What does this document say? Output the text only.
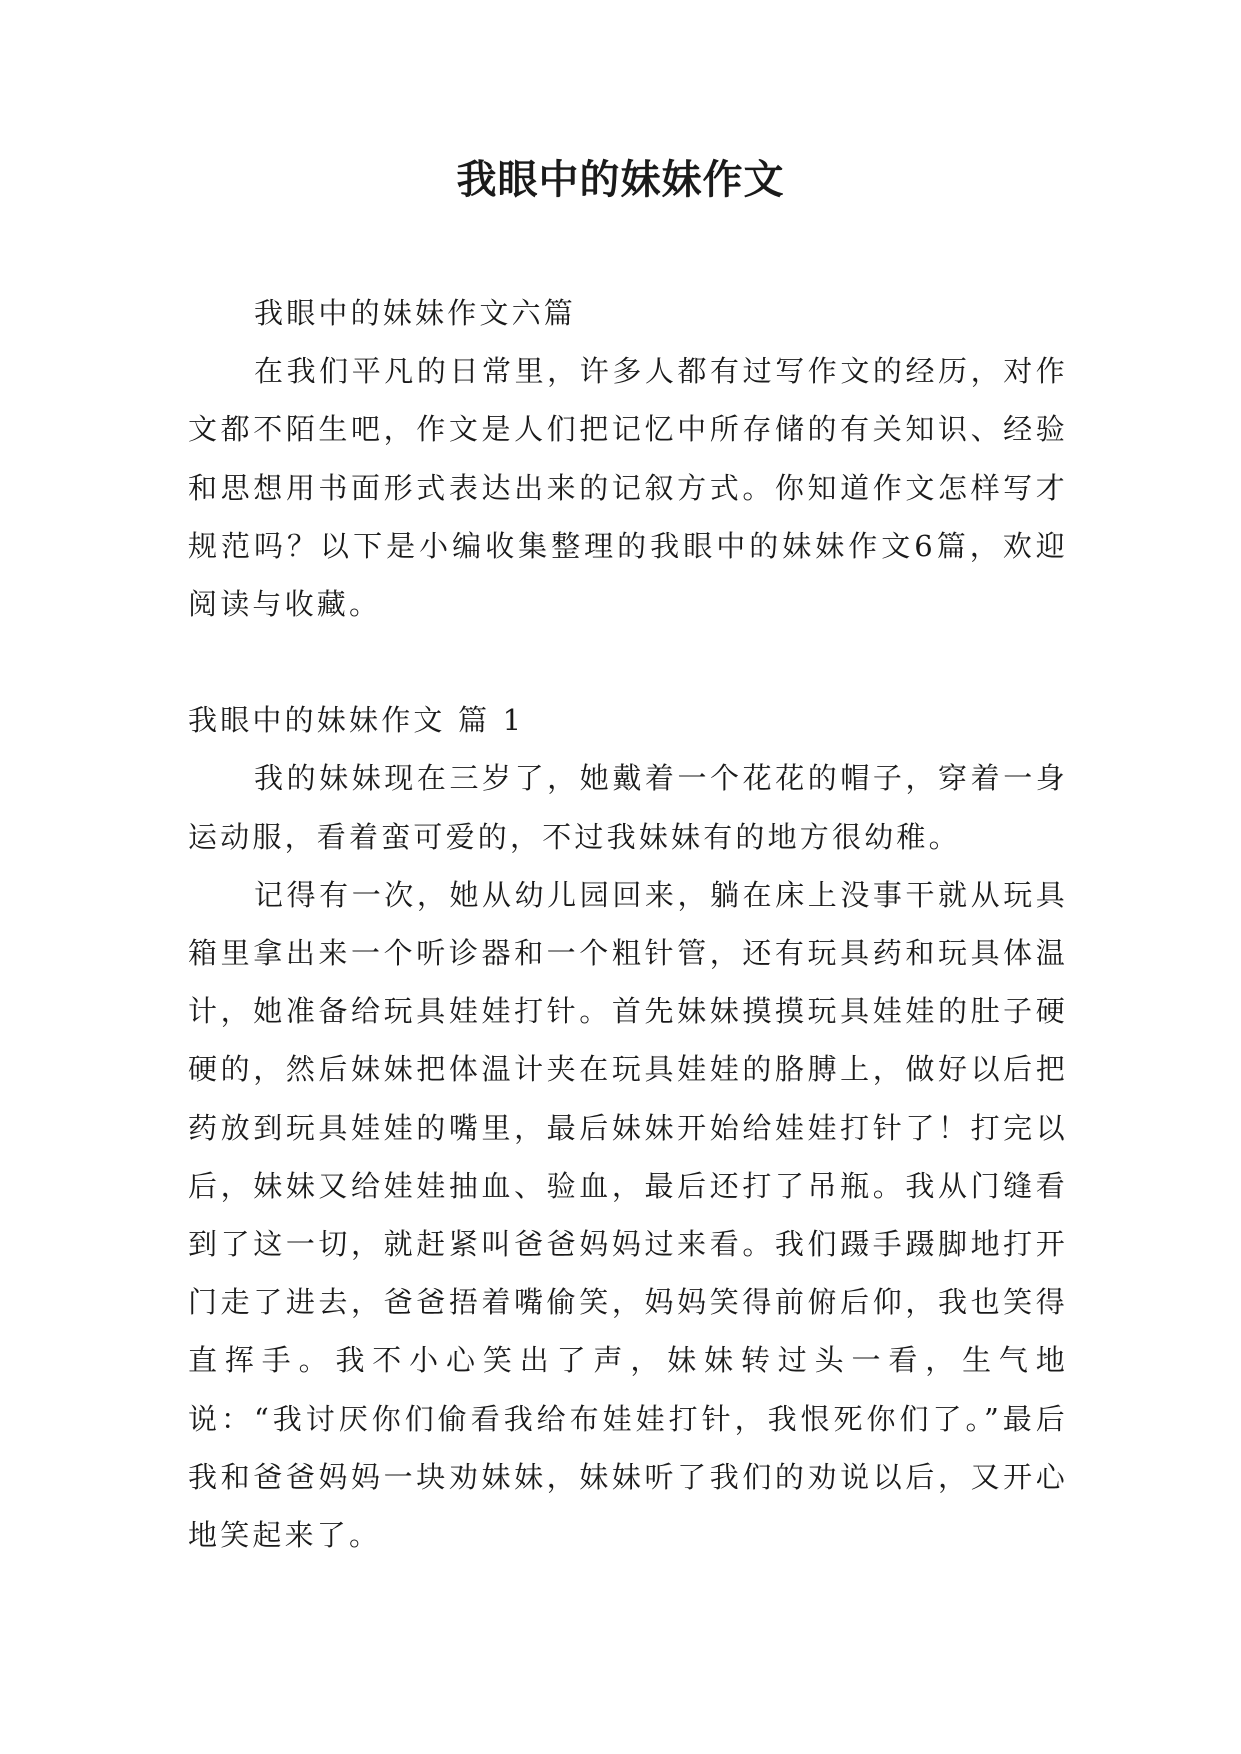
我眼中的妹妹作文

我眼中的妹妹作文六篇

在我们平凡的日常里，许多人都有过写作文的经历，对作文都不陌生吧，作文是人们把记忆中所存储的有关知识、经验和思想用书面形式表达出来的记叙方式。你知道作文怎样写才规范吗？以下是小编收集整理的我眼中的妹妹作文6篇，欢迎阅读与收藏。

我眼中的妹妹作文 篇 1

我的妹妹现在三岁了，她戴着一个花花的帽子，穿着一身运动服，看着蛮可爱的，不过我妹妹有的地方很幼稚。

记得有一次，她从幼儿园回来，躺在床上没事干就从玩具箱里拿出来一个听诊器和一个粗针管，还有玩具药和玩具体温计，她准备给玩具娃娃打针。首先妹妹摸摸玩具娃娃的肚子硬硬的，然后妹妹把体温计夹在玩具娃娃的胳膊上，做好以后把药放到玩具娃娃的嘴里，最后妹妹开始给娃娃打针了！打完以后，妹妹又给娃娃抽血、验血，最后还打了吊瓶。我从门缝看到了这一切，就赶紧叫爸爸妈妈过来看。我们蹑手蹑脚地打开门走了进去，爸爸捂着嘴偷笑，妈妈笑得前俯后仰，我也笑得直挥手。我不小心笑出了声，妹妹转过头一看，生气地说：“我讨厌你们偷看我给布娃娃打针，我恨死你们了。”最后我和爸爸妈妈一块劝妹妹，妹妹听了我们的劝说以后，又开心地笑起来了。
